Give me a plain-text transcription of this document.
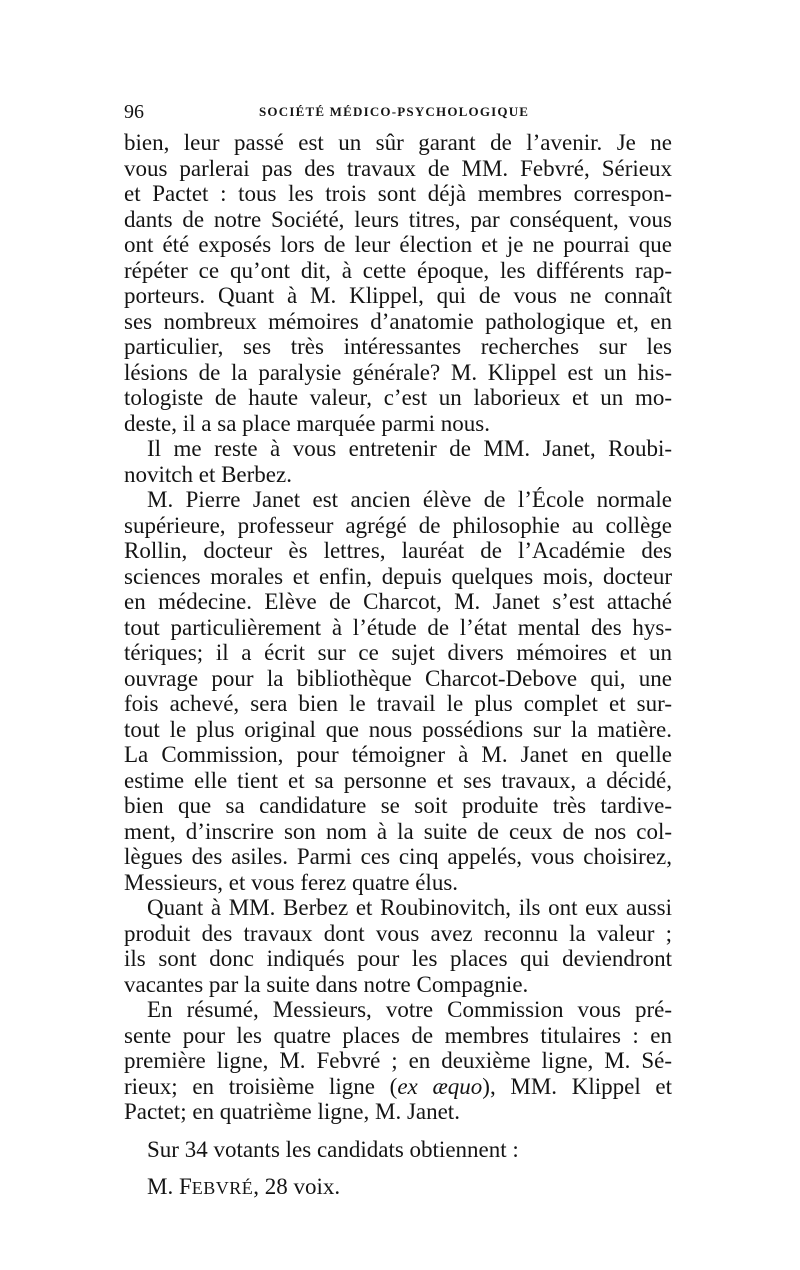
96	SOCIÉTÉ MÉDICO-PSYCHOLOGIQUE
bien, leur passé est un sûr garant de l’avenir. Je ne
vous parlerai pas des travaux de MM. Febvré, Sérieux
et Pactet : tous les trois sont déjà membres correspon-
dants de notre Société, leurs titres, par conséquent, vous
ont été exposés lors de leur élection et je ne pourrai que
répéter ce qu’ont dit, à cette époque, les différents rap-
porteurs. Quant à M. Klippel, qui de vous ne connaît
ses nombreux mémoires d’anatomie pathologique et, en
particulier, ses très intéressantes recherches sur les
lésions de la paralysie générale? M. Klippel est un his-
tologiste de haute valeur, c’est un laborieux et un mo-
deste, il a sa place marquée parmi nous.
Il me reste à vous entretenir de MM. Janet, Roubi-
novitch et Berbez.
M. Pierre Janet est ancien élève de l’École normale
supérieure, professeur agrégé de philosophie au collège
Rollin, docteur ès lettres, lauréat de l’Académie des
sciences morales et enfin, depuis quelques mois, docteur
en médecine. Elève de Charcot, M. Janet s’est attaché
tout particulièrement à l’étude de l’état mental des hys-
tériques; il a écrit sur ce sujet divers mémoires et un
ouvrage pour la bibliothèque Charcot-Debove qui, une
fois achevé, sera bien le travail le plus complet et sur-
tout le plus original que nous possédions sur la matière.
La Commission, pour témoigner à M. Janet en quelle
estime elle tient et sa personne et ses travaux, a décidé,
bien que sa candidature se soit produite très tardive-
ment, d’inscrire son nom à la suite de ceux de nos col-
lègues des asiles. Parmi ces cinq appelés, vous choisirez,
Messieurs, et vous ferez quatre élus.
Quant à MM. Berbez et Roubinovitch, ils ont eux aussi
produit des travaux dont vous avez reconnu la valeur ;
ils sont donc indiqués pour les places qui deviendront
vacantes par la suite dans notre Compagnie.
En résumé, Messieurs, votre Commission vous pré-
sente pour les quatre places de membres titulaires : en
première ligne, M. Febvré ; en deuxième ligne, M. Sé-
rieux; en troisième ligne (ex æquo), MM. Klippel et
Pactet; en quatrième ligne, M. Janet.
Sur 34 votants les candidats obtiennent :
M. FEBVRÉ, 28 voix.
